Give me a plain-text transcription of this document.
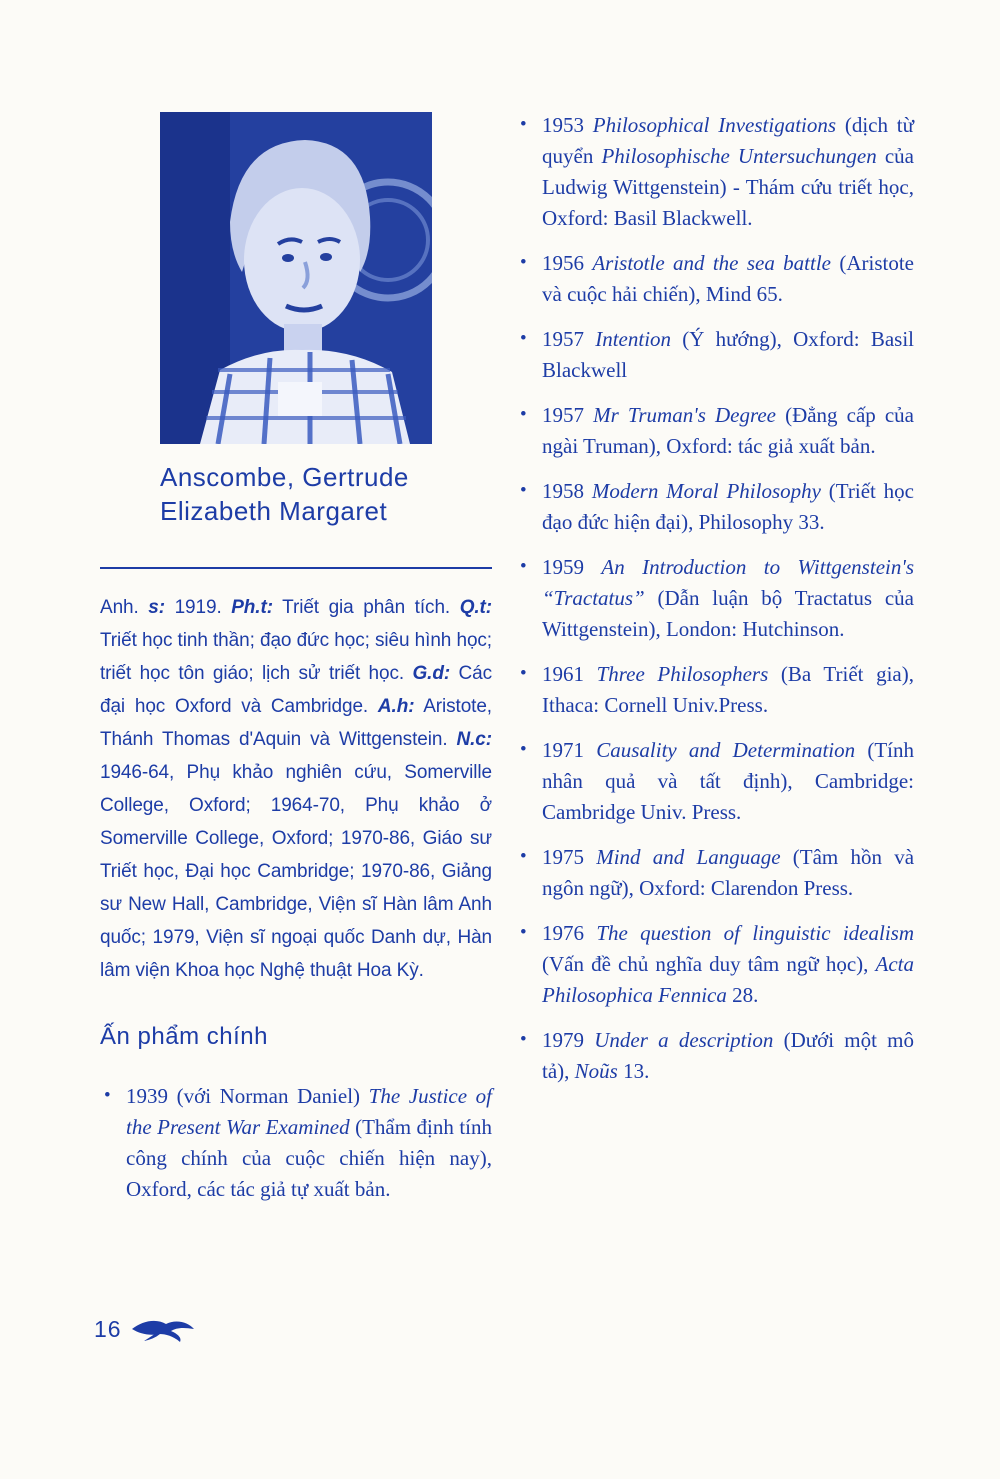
Anscombe, Gertrude
Elizabeth Margaret

Anh. s: 1919. Ph.t: Triết gia phân tích. Q.t: Triết học tinh thần; đạo đức học; siêu hình học; triết học tôn giáo; lịch sử triết học. G.d: Các đại học Oxford và Cambridge. A.h: Aristote, Thánh Thomas d'Aquin và Wittgenstein. N.c: 1946-64, Phụ khảo nghiên cứu, Somerville College, Oxford; 1964-70, Phụ khảo ở Somerville College, Oxford; 1970-86, Giáo sư Triết học, Đại học Cambridge; 1970-86, Giảng sư New Hall, Cambridge, Viện sĩ Hàn lâm Anh quốc; 1979, Viện sĩ ngoại quốc Danh dự, Hàn lâm viện Khoa học Nghệ thuật Hoa Kỳ.

Ấn phẩm chính
• 1939 (với Norman Daniel) The Justice of the Present War Examined (Thẩm định tính công chính của cuộc chiến hiện nay), Oxford, các tác giả tự xuất bản.
• 1953 Philosophical Investigations (dịch từ quyển Philosophische Untersuchungen của Ludwig Wittgenstein) - Thám cứu triết học, Oxford: Basil Blackwell.
• 1956 Aristotle and the sea battle (Aristote và cuộc hải chiến), Mind 65.
• 1957 Intention (Ý hướng), Oxford: Basil Blackwell
• 1957 Mr Truman's Degree (Đẳng cấp của ngài Truman), Oxford: tác giả xuất bản.
• 1958 Modern Moral Philosophy (Triết học đạo đức hiện đại), Philosophy 33.
• 1959 An Introduction to Wittgenstein's “Tractatus” (Dẫn luận bộ Tractatus của Wittgenstein), London: Hutchinson.
• 1961 Three Philosophers (Ba Triết gia), Ithaca: Cornell Univ.Press.
• 1971 Causality and Determination (Tính nhân quả và tất định), Cambridge: Cambridge Univ. Press.
• 1975 Mind and Language (Tâm hồn và ngôn ngữ), Oxford: Clarendon Press.
• 1976 The question of linguistic idealism (Vấn đề chủ nghĩa duy tâm ngữ học), Acta Philosophica Fennica 28.
• 1979 Under a description (Dưới một mô tả), Noũs 13.
16
